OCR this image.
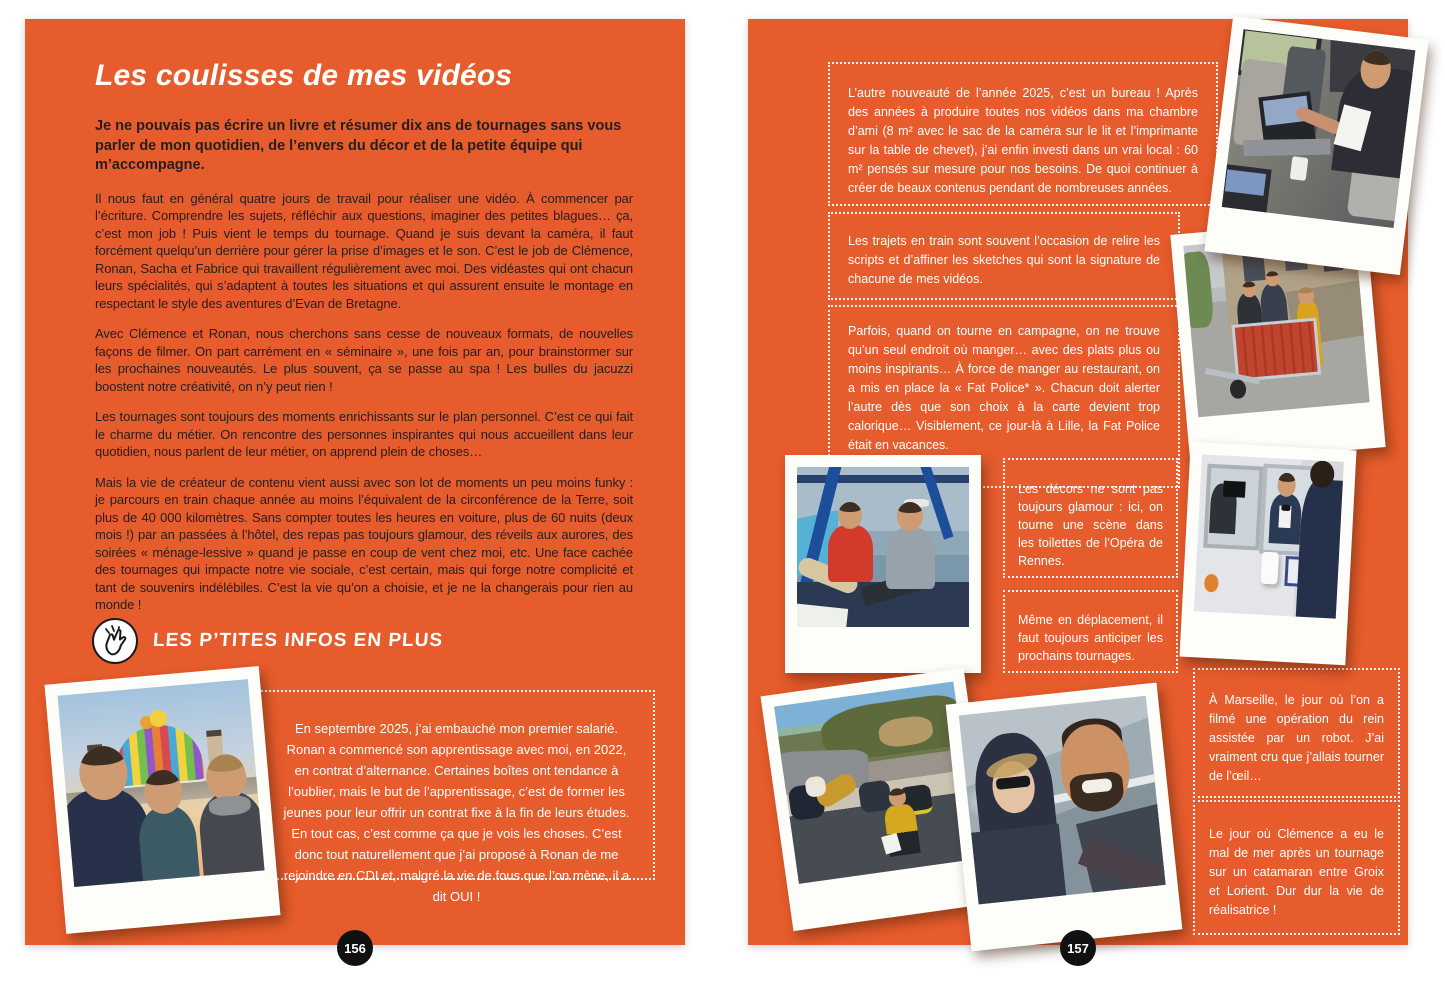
Les coulisses de mes vidéos

Je ne pouvais pas écrire un livre et résumer dix ans de tournages sans vous parler de mon quotidien, de l’envers du décor et de la petite équipe qui m’accompagne.

Il nous faut en général quatre jours de travail pour réaliser une vidéo. À commencer par l’écriture. Comprendre les sujets, réfléchir aux questions, imaginer des petites blagues… ça, c’est mon job ! Puis vient le temps du tournage. Quand je suis devant la caméra, il faut forcément quelqu’un derrière pour gérer la prise d’images et le son. C’est le job de Clémence, Ronan, Sacha et Fabrice qui travaillent régulièrement avec moi. Des vidéastes qui ont chacun leurs spécialités, qui s’adaptent à toutes les situations et qui assurent ensuite le montage en respectant le style des aventures d’Evan de Bretagne.

Avec Clémence et Ronan, nous cherchons sans cesse de nouveaux formats, de nouvelles façons de filmer. On part carrément en « séminaire », une fois par an, pour brainstormer sur les prochaines nouveautés. Le plus souvent, ça se passe au spa ! Les bulles du jacuzzi boostent notre créativité, on n’y peut rien !

Les tournages sont toujours des moments enrichissants sur le plan personnel. C’est ce qui fait le charme du métier. On rencontre des personnes inspirantes qui nous accueillent dans leur quotidien, nous parlent de leur métier, on apprend plein de choses…

Mais la vie de créateur de contenu vient aussi avec son lot de moments un peu moins funky : je parcours en train chaque année au moins l’équivalent de la circonférence de la Terre, soit plus de 40 000 kilomètres. Sans compter toutes les heures en voiture, plus de 60 nuits (deux mois !) par an passées à l’hôtel, des repas pas toujours glamour, des réveils aux aurores, des soirées « ménage-lessive » quand je passe en coup de vent chez moi, etc. Une face cachée des tournages qui impacte notre vie sociale, c’est certain, mais qui forge notre complicité et tant de souvenirs indélébiles. C’est la vie qu’on a choisie, et je ne la changerais pour rien au monde !

LES P’TITES INFOS EN PLUS

En septembre 2025, j’ai embauché mon premier salarié. Ronan a commencé son apprentissage avec moi, en 2022, en contrat d’alternance. Certaines boîtes ont tendance à l’oublier, mais le but de l’apprentissage, c’est de former les jeunes pour leur offrir un contrat fixe à la fin de leurs études. En tout cas, c’est comme ça que je vois les choses. C’est donc tout naturellement que j’ai proposé à Ronan de me rejoindre en CDI et, malgré la vie de fous que l’on mène, il a dit OUI !

156

L’autre nouveauté de l’année 2025, c’est un bureau ! Après des années à produire toutes nos vidéos dans ma chambre d’ami (8 m² avec le sac de la caméra sur le lit et l’imprimante sur la table de chevet), j’ai enfin investi dans un vrai local : 60 m² pensés sur mesure pour nos besoins. De quoi continuer à créer de beaux contenus pendant de nombreuses années.

Les trajets en train sont souvent l’occasion de relire les scripts et d’affiner les sketches qui sont la signature de chacune de mes vidéos.

Parfois, quand on tourne en campagne, on ne trouve qu’un seul endroit où manger… avec des plats plus ou moins inspirants… À force de manger au restaurant, on a mis en place la « Fat Police* ». Chacun doit alerter l’autre dès que son choix à la carte devient trop calorique… Visiblement, ce jour-là à Lille, la Fat Police était en vacances.

Les décors ne sont pas toujours glamour : ici, on tourne une scène dans les toilettes de l’Opéra de Rennes.

Même en déplacement, il faut toujours anticiper les prochains tournages.

À Marseille, le jour où l’on a filmé une opération du rein assistée par un robot. J’ai vraiment cru que j’allais tourner de l’œil…

Le jour où Clémence a eu le mal de mer après un tournage sur un catamaran entre Groix et Lorient. Dur dur la vie de réalisatrice !

157
